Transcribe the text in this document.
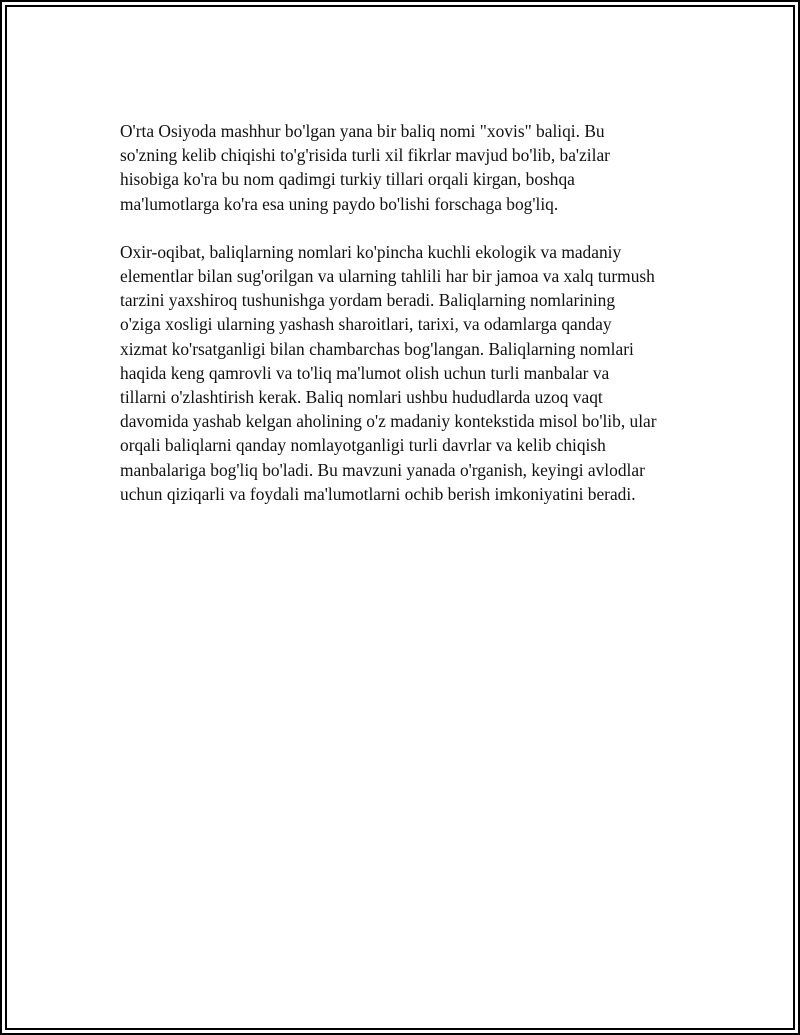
O'rta Osiyoda mashhur bo'lgan yana bir baliq nomi "xovis" baliqi. Bu
so'zning kelib chiqishi to'g'risida turli xil fikrlar mavjud bo'lib, ba'zilar
hisobiga ko'ra bu nom qadimgi turkiy tillari orqali kirgan, boshqa
ma'lumotlarga ko'ra esa uning paydo bo'lishi forschaga bog'liq.

Oxir-oqibat, baliqlarning nomlari ko'pincha kuchli ekologik va madaniy
elementlar bilan sug'orilgan va ularning tahlili har bir jamoa va xalq turmush
tarzini yaxshiroq tushunishga yordam beradi. Baliqlarning nomlarining
o'ziga xosligi ularning yashash sharoitlari, tarixi, va odamlarga qanday
xizmat ko'rsatganligi bilan chambarchas bog'langan. Baliqlarning nomlari
haqida keng qamrovli va to'liq ma'lumot olish uchun turli manbalar va
tillarni o'zlashtirish kerak. Baliq nomlari ushbu hududlarda uzoq vaqt
davomida yashab kelgan aholining o'z madaniy kontekstida misol bo'lib, ular
orqali baliqlarni qanday nomlayotganligi turli davrlar va kelib chiqish
manbalariga bog'liq bo'ladi. Bu mavzuni yanada o'rganish, keyingi avlodlar
uchun qiziqarli va foydali ma'lumotlarni ochib berish imkoniyatini beradi.
